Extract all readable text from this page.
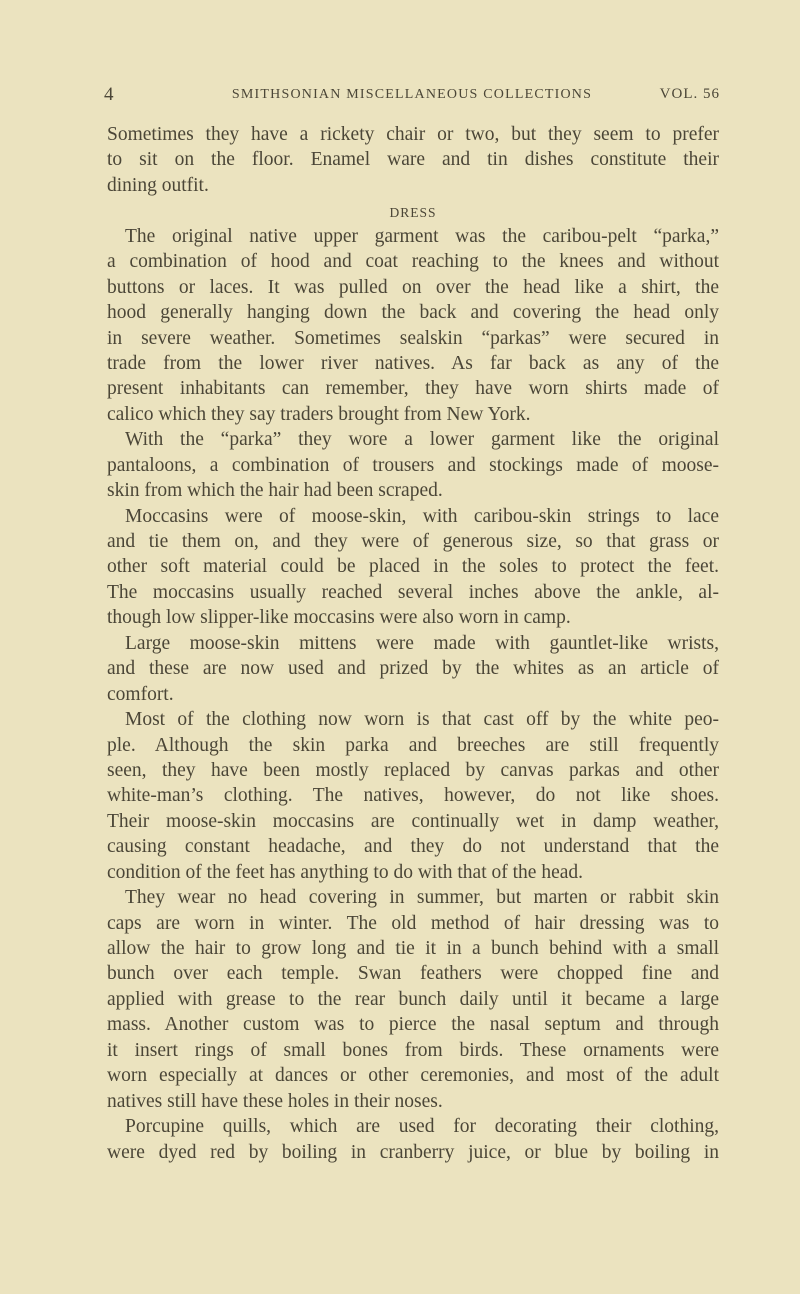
4	SMITHSONIAN MISCELLANEOUS COLLECTIONS	VOL. 56
Sometimes they have a rickety chair or two, but they seem to prefer
to sit on the floor. Enamel ware and tin dishes constitute their
dining outfit.
DRESS
The original native upper garment was the caribou-pelt “parka,”
a combination of hood and coat reaching to the knees and without
buttons or laces. It was pulled on over the head like a shirt, the
hood generally hanging down the back and covering the head only
in severe weather. Sometimes sealskin “parkas” were secured in
trade from the lower river natives. As far back as any of the
present inhabitants can remember, they have worn shirts made of
calico which they say traders brought from New York.
With the “parka” they wore a lower garment like the original
pantaloons, a combination of trousers and stockings made of moose-
skin from which the hair had been scraped.
Moccasins were of moose-skin, with caribou-skin strings to lace
and tie them on, and they were of generous size, so that grass or
other soft material could be placed in the soles to protect the feet.
The moccasins usually reached several inches above the ankle, al-
though low slipper-like moccasins were also worn in camp.
Large moose-skin mittens were made with gauntlet-like wrists,
and these are now used and prized by the whites as an article of
comfort.
Most of the clothing now worn is that cast off by the white peo-
ple. Although the skin parka and breeches are still frequently
seen, they have been mostly replaced by canvas parkas and other
white-man’s clothing. The natives, however, do not like shoes.
Their moose-skin moccasins are continually wet in damp weather,
causing constant headache, and they do not understand that the
condition of the feet has anything to do with that of the head.
They wear no head covering in summer, but marten or rabbit skin
caps are worn in winter. The old method of hair dressing was to
allow the hair to grow long and tie it in a bunch behind with a small
bunch over each temple. Swan feathers were chopped fine and
applied with grease to the rear bunch daily until it became a large
mass. Another custom was to pierce the nasal septum and through
it insert rings of small bones from birds. These ornaments were
worn especially at dances or other ceremonies, and most of the adult
natives still have these holes in their noses.
Porcupine quills, which are used for decorating their clothing,
were dyed red by boiling in cranberry juice, or blue by boiling in
